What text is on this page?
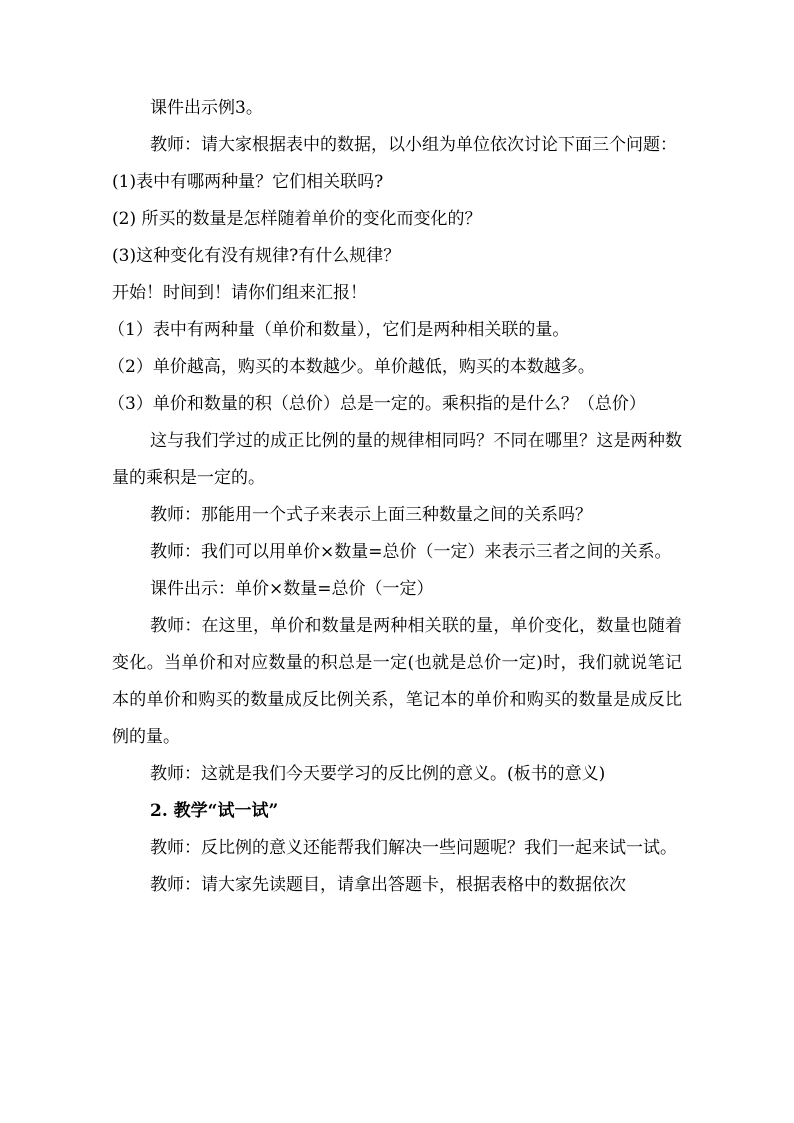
课件出示例3。

教师：请大家根据表中的数据，以小组为单位依次讨论下面三个问题：

(1)表中有哪两种量？它们相关联吗?

(2) 所买的数量是怎样随着单价的变化而变化的？

(3)这种变化有没有规律?有什么规律？

开始！时间到！请你们组来汇报！

（1）表中有两种量（单价和数量），它们是两种相关联的量。

（2）单价越高，购买的本数越少。单价越低，购买的本数越多。

（3）单价和数量的积（总价）总是一定的。乘积指的是什么？（总价）

这与我们学过的成正比例的量的规律相同吗？不同在哪里？这是两种数量的乘积是一定的。

教师：那能用一个式子来表示上面三种数量之间的关系吗？

教师：我们可以用单价×数量=总价（一定）来表示三者之间的关系。

课件出示：单价×数量=总价（一定）

教师：在这里，单价和数量是两种相关联的量，单价变化，数量也随着变化。当单价和对应数量的积总是一定(也就是总价一定)时，我们就说笔记本的单价和购买的数量成反比例关系，笔记本的单价和购买的数量是成反比例的量。

教师：这就是我们今天要学习的反比例的意义。(板书的意义)

2. 教学“试一试”

教师：反比例的意义还能帮我们解决一些问题呢？我们一起来试一试。

教师：请大家先读题目，请拿出答题卡，根据表格中的数据依次
